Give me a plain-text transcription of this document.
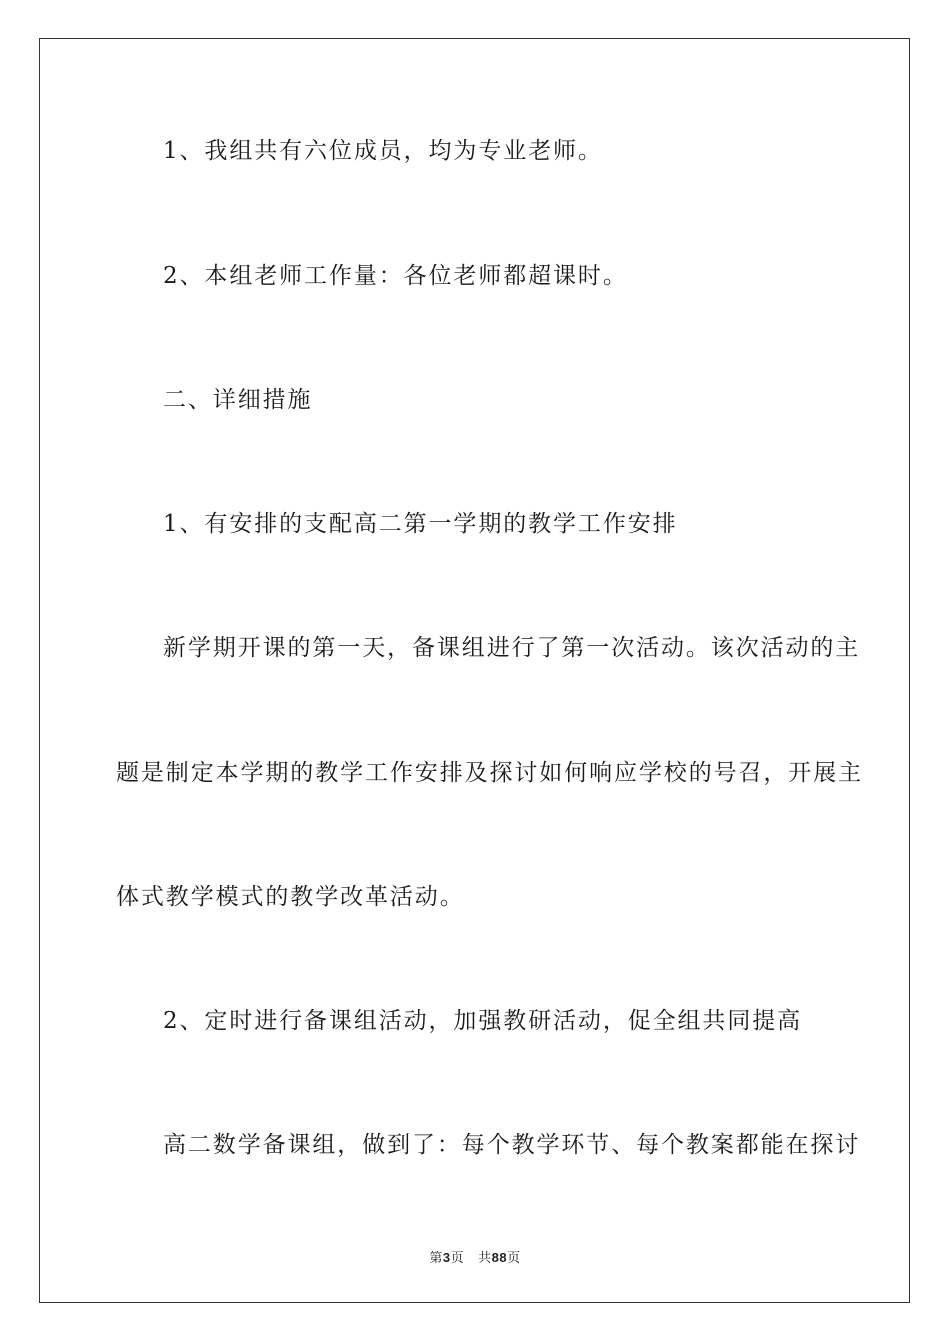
1、我组共有六位成员，均为专业老师。
2、本组老师工作量：各位老师都超课时。
二、详细措施
1、有安排的支配高二第一学期的教学工作安排
新学期开课的第一天，备课组进行了第一次活动。该次活动的主
题是制定本学期的教学工作安排及探讨如何响应学校的号召，开展主
体式教学模式的教学改革活动。
2、定时进行备课组活动，加强教研活动，促全组共同提高
高二数学备课组，做到了：每个教学环节、每个教案都能在探讨
第3页 共88页
